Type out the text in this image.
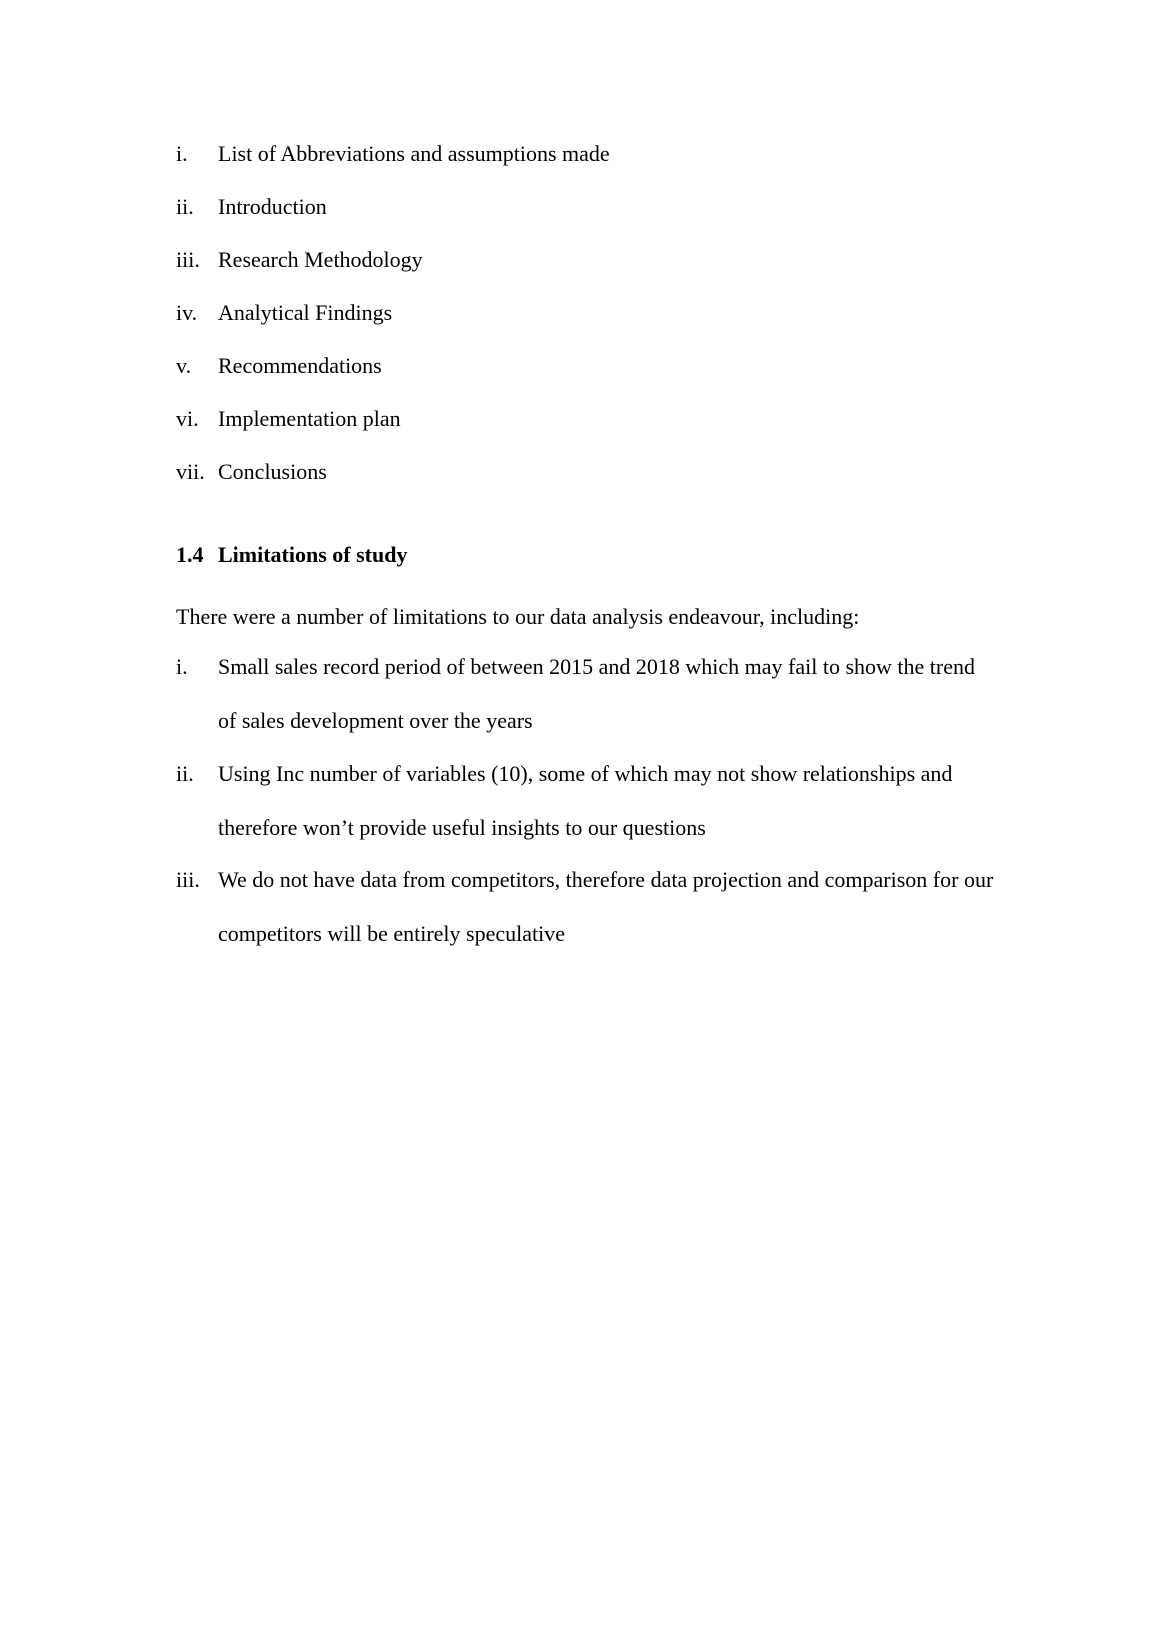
i.	List of Abbreviations and assumptions made
ii.	Introduction
iii. Research Methodology
iv. Analytical Findings
v.	Recommendations
vi. Implementation plan
vii. Conclusions
1.4 Limitations of study
There were a number of limitations to our data analysis endeavour, including:
i.	Small sales record period of between 2015 and 2018 which may fail to show the trend of sales development over the years
ii.	Using Inc number of variables (10), some of which may not show relationships and therefore won’t provide useful insights to our questions
iii. We do not have data from competitors, therefore data projection and comparison for our competitors will be entirely speculative
